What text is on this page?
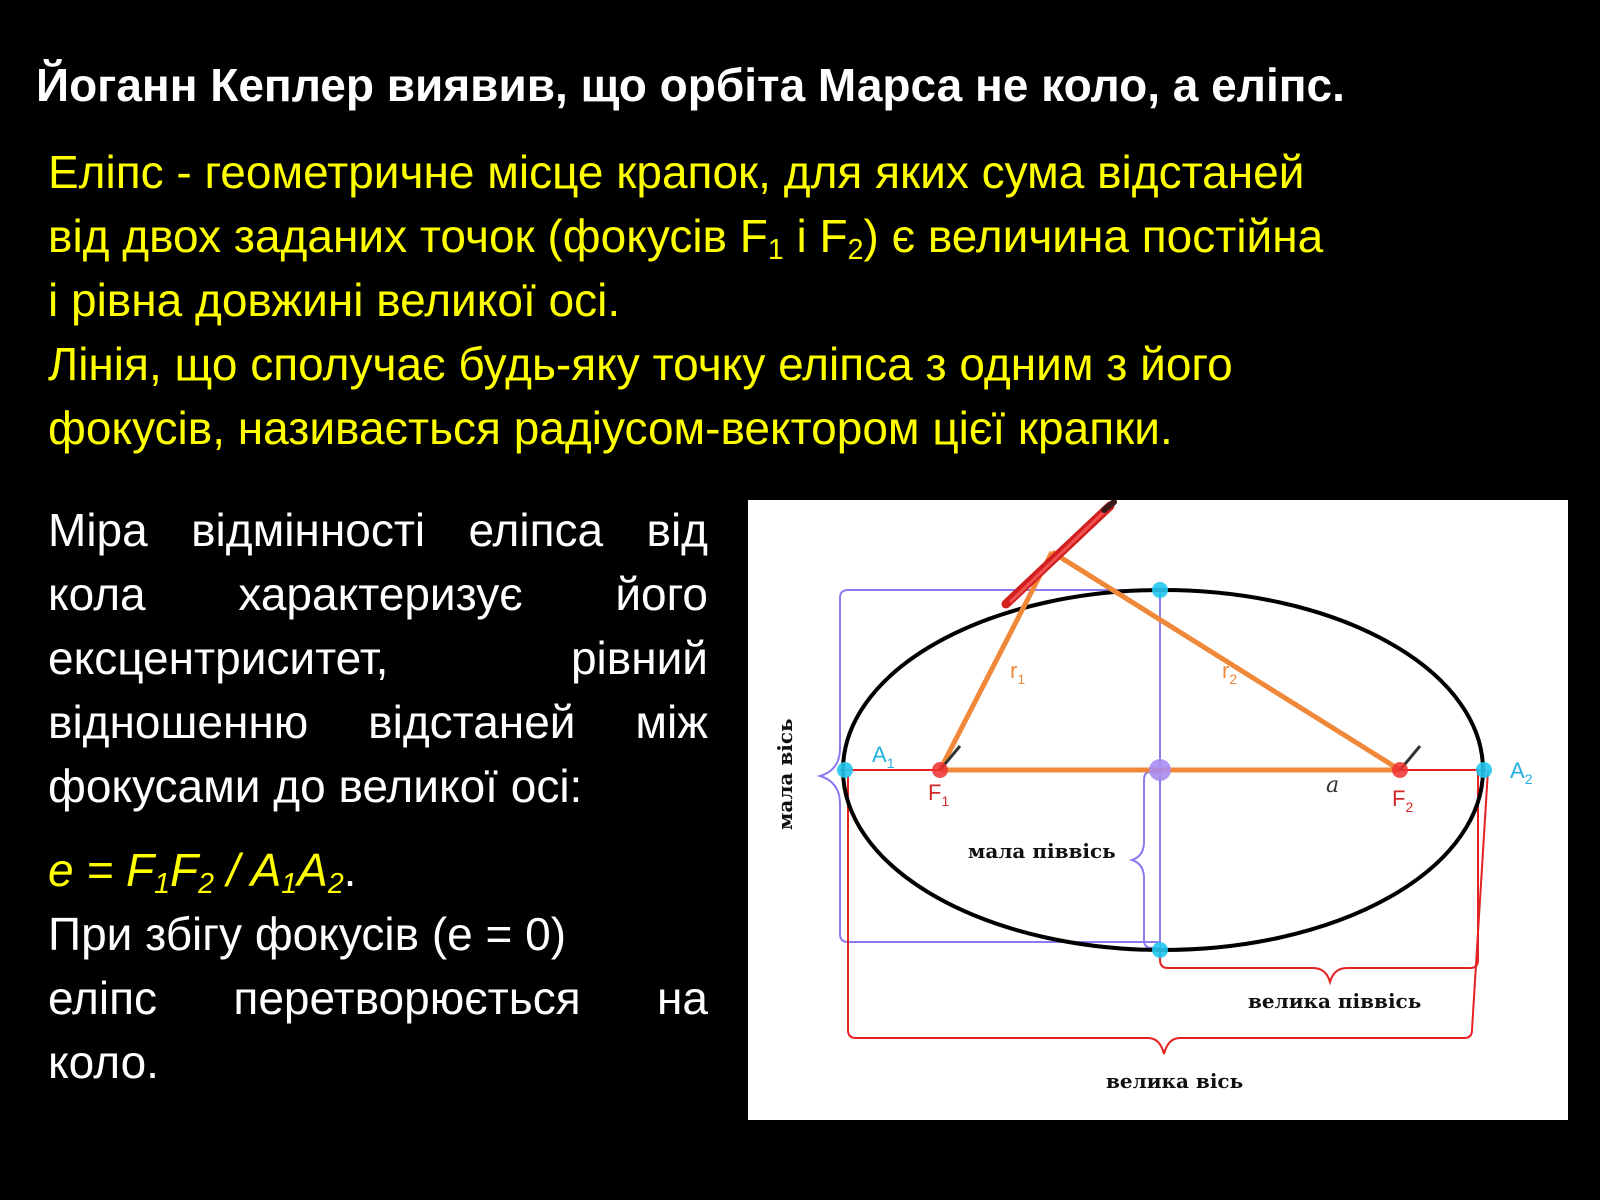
Йоганн Кеплер виявив, що орбіта Марса не коло, а еліпс.

Еліпс - геометричне місце крапок, для яких сума відстаней

від двох заданих точок (фокусів $F_1$ і $F_2$) є величина постійна

і рівна довжині великої осі.

Лінія, що сполучає будь-яку точку еліпса з одним з його

фокусів, називається радіусом-вектором цієї крапки.

Міра відмінності еліпса від

кола характеризує його

ексцентриситет, рівний

відношенню відстаней між

фокусами до великої осі:

$e = F_1F_2 / A_1A_2$.

При збігу фокусів (е = 0)

еліпс перетворюється на

коло.

мала вісь
мала піввісь
велика піввісь
велика вісь
$A_1$	$A_2$
$F_1$	$F_2$
$r_1$	$r_2$
a
